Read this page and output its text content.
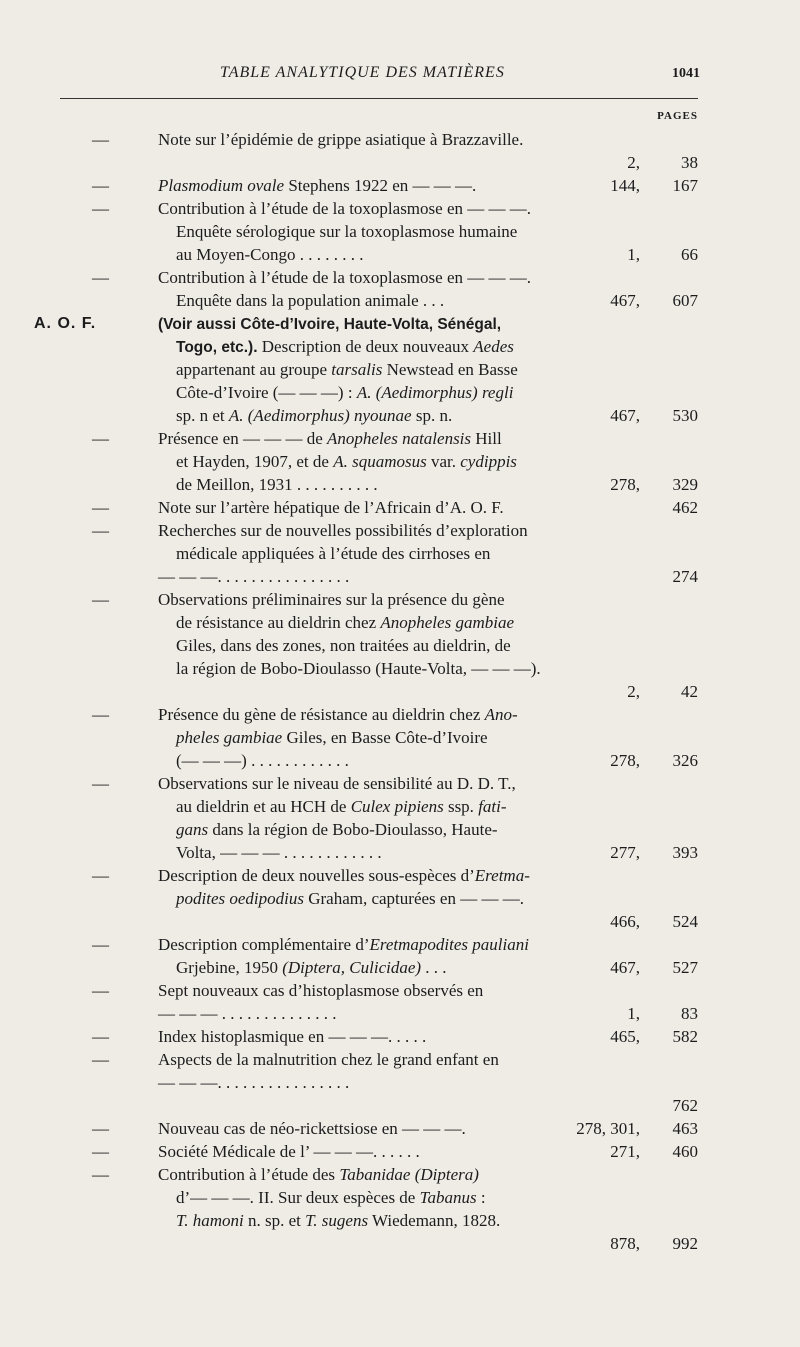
TABLE ANALYTIQUE DES MATIÈRES	1041
PAGES
—	Note sur l’épidémie de grippe asiatique à Brazzaville.
2,	38
—	Plasmodium ovale Stephens 1922 en — — —.	144,	167
—	Contribution à l’étude de la toxoplasmose en — — —.
Enquête sérologique sur la toxoplasmose humaine
au Moyen-Congo . . . . . . . .	1,	66
—	Contribution à l’étude de la toxoplasmose en — — —.
Enquête dans la population animale . . .	467,	607
A. O. F.	(Voir aussi Côte-d’Ivoire, Haute-Volta, Sénégal,
Togo, etc.). Description de deux nouveaux Aedes
appartenant au groupe tarsalis Newstead en Basse
Côte-d’Ivoire (— — —) : A. (Aedimorphus) regli
sp. n et A. (Aedimorphus) nyounae sp. n.	467,	530
—	Présence en — — — de Anopheles natalensis Hill
et Hayden, 1907, et de A. squamosus var. cydippis
de Meillon, 1931 . . . . . . . . . .	278,	329
—	Note sur l’artère hépatique de l’Africain d’A. O. F.	462
—	Recherches sur de nouvelles possibilités d’exploration
médicale appliquées à l’étude des cirrhoses en
— — —. . . . . . . . . . . . . . . .	274
—	Observations préliminaires sur la présence du gène
de résistance au dieldrin chez Anopheles gambiae
Giles, dans des zones, non traitées au dieldrin, de
la région de Bobo-Dioulasso (Haute-Volta, — — —).
2,	42
—	Présence du gène de résistance au dieldrin chez Ano-
pheles gambiae Giles, en Basse Côte-d’Ivoire
(— — —) . . . . . . . . . . . .	278,	326
—	Observations sur le niveau de sensibilité au D. D. T.,
au dieldrin et au HCH de Culex pipiens ssp. fati-
gans dans la région de Bobo-Dioulasso, Haute-
Volta, — — — . . . . . . . . . . . .	277,	393
—	Description de deux nouvelles sous-espèces d’Eretma-
podites oedipodius Graham, capturées en — — —.
466,	524
—	Description complémentaire d’Eretmapodites pauliani
Grjebine, 1950 (Diptera, Culicidae) . . .	467,	527
—	Sept nouveaux cas d’histoplasmose observés en
— — — . . . . . . . . . . . . . .	1,	83
—	Index histoplasmique en — — —. . . . .	465,	582
—	Aspects de la malnutrition chez le grand enfant en
— — —. . . . . . . . . . . . . . . .
762
—	Nouveau cas de néo-rickettsiose en — — —.	278, 301,	463
—	Société Médicale de l’ — — —. . . . . .	271,	460
—	Contribution à l’étude des Tabanidae (Diptera)
d’— — —. II. Sur deux espèces de Tabanus :
T. hamoni n. sp. et T. sugens Wiedemann, 1828.
878,	992
